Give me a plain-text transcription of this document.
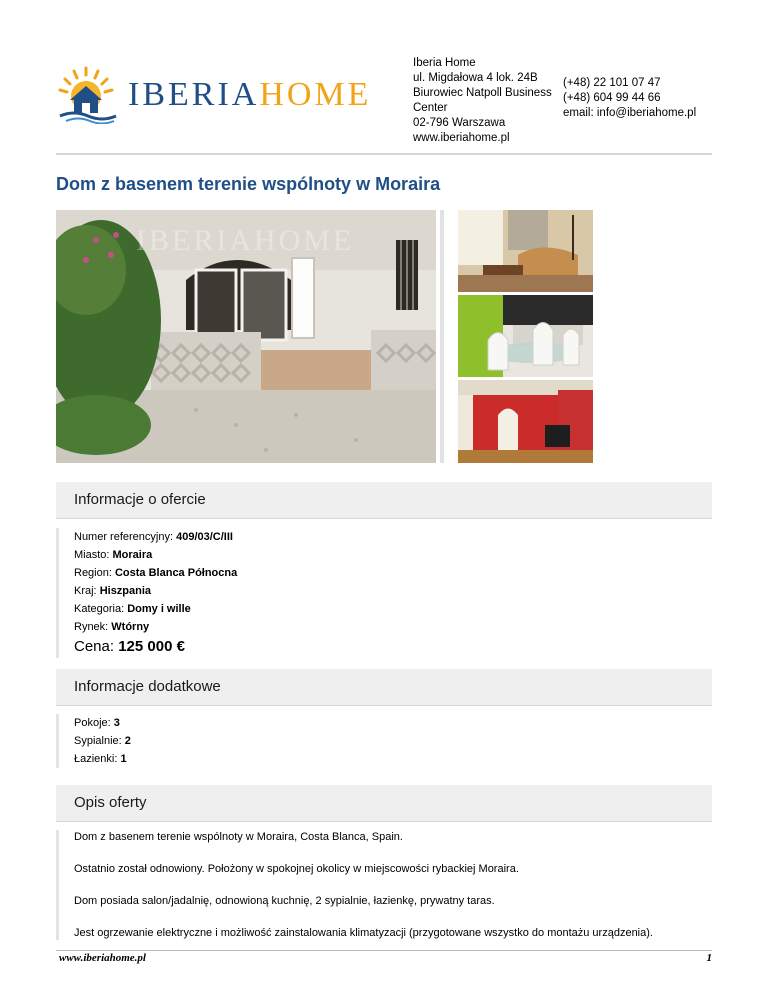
IBERIAHOME
Iberia Home
ul. Migdałowa 4 lok. 24B
Biurowiec Natpoll Business
Center
02-796 Warszawa
www.iberiahome.pl
(+48) 22 101 07 47
(+48) 604 99 44 66
email: info@iberiahome.pl
Dom z basenem terenie wspólnoty w Moraira
IBERIAHOME
Informacje o ofercie
Numer referencyjny: 409/03/C/III
Miasto: Moraira
Region: Costa Blanca Północna
Kraj: Hiszpania
Kategoria: Domy i wille
Rynek: Wtórny
Cena: 125 000 €
Informacje dodatkowe
Pokoje: 3
Sypialnie: 2
Łazienki: 1
Opis oferty

Dom z basenem terenie wspólnoty w Moraira, Costa Blanca, Spain.

Ostatnio został odnowiony. Położony w spokojnej okolicy w miejscowości rybackiej Moraira.

Dom posiada salon/jadalnię, odnowioną kuchnię, 2 sypialnie, łazienkę, prywatny taras.

Jest ogrzewanie elektryczne i możliwość zainstalowania klimatyzacji (przygotowane wszystko do montażu urządzenia).

www.iberiahome.pl	1
